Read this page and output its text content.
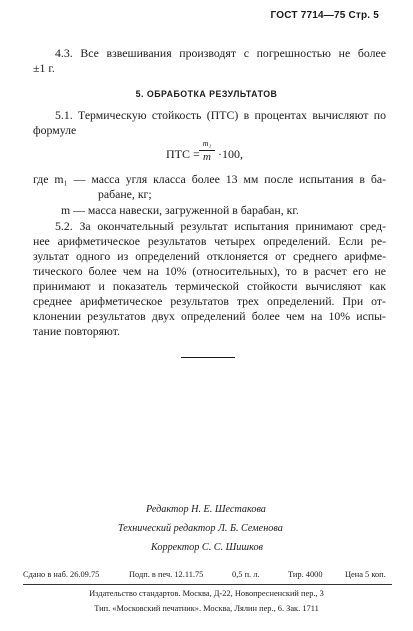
ГОСТ 7714—75 Стр. 5
4.3. Все взвешивания производят с погрешностью не более
±1 г.
5. ОБРАБОТКА РЕЗУЛЬТАТОВ
5.1. Термическую стойкость (ПТС) в процентах вычисляют по
формуле
ПТС =
m₁
m ·100,
где m₁ — масса угля класса более 13 мм после испытания в ба-
рабане, кг;
m — масса навески, загруженной в барабан, кг.
5.2. За окончательный результат испытания принимают сред-
нее арифметическое результатов четырех определений. Если ре-
зультат одного из определений отклоняется от среднего арифме-
тического более чем на 10% (относительных), то в расчет его не
принимают и показатель термической стойкости вычисляют как
среднее арифметическое результатов трех определений. При от-
клонении результатов двух определений более чем на 10% испы-
тание повторяют.
Редактор Н. Е. Шестакова
Технический редактор Л. Б. Семенова
Корректор С. С. Шишков
Сдано в наб. 26.09.75	Подп. в печ. 12.11.75	0,5 п. л.	Тир. 4000	Цена 5 коп.
Издательство стандартов. Москва, Д-22, Новопресненский пер., 3
Тип. «Московский печатник». Москва, Лялин пер., 6. Зак. 1711
